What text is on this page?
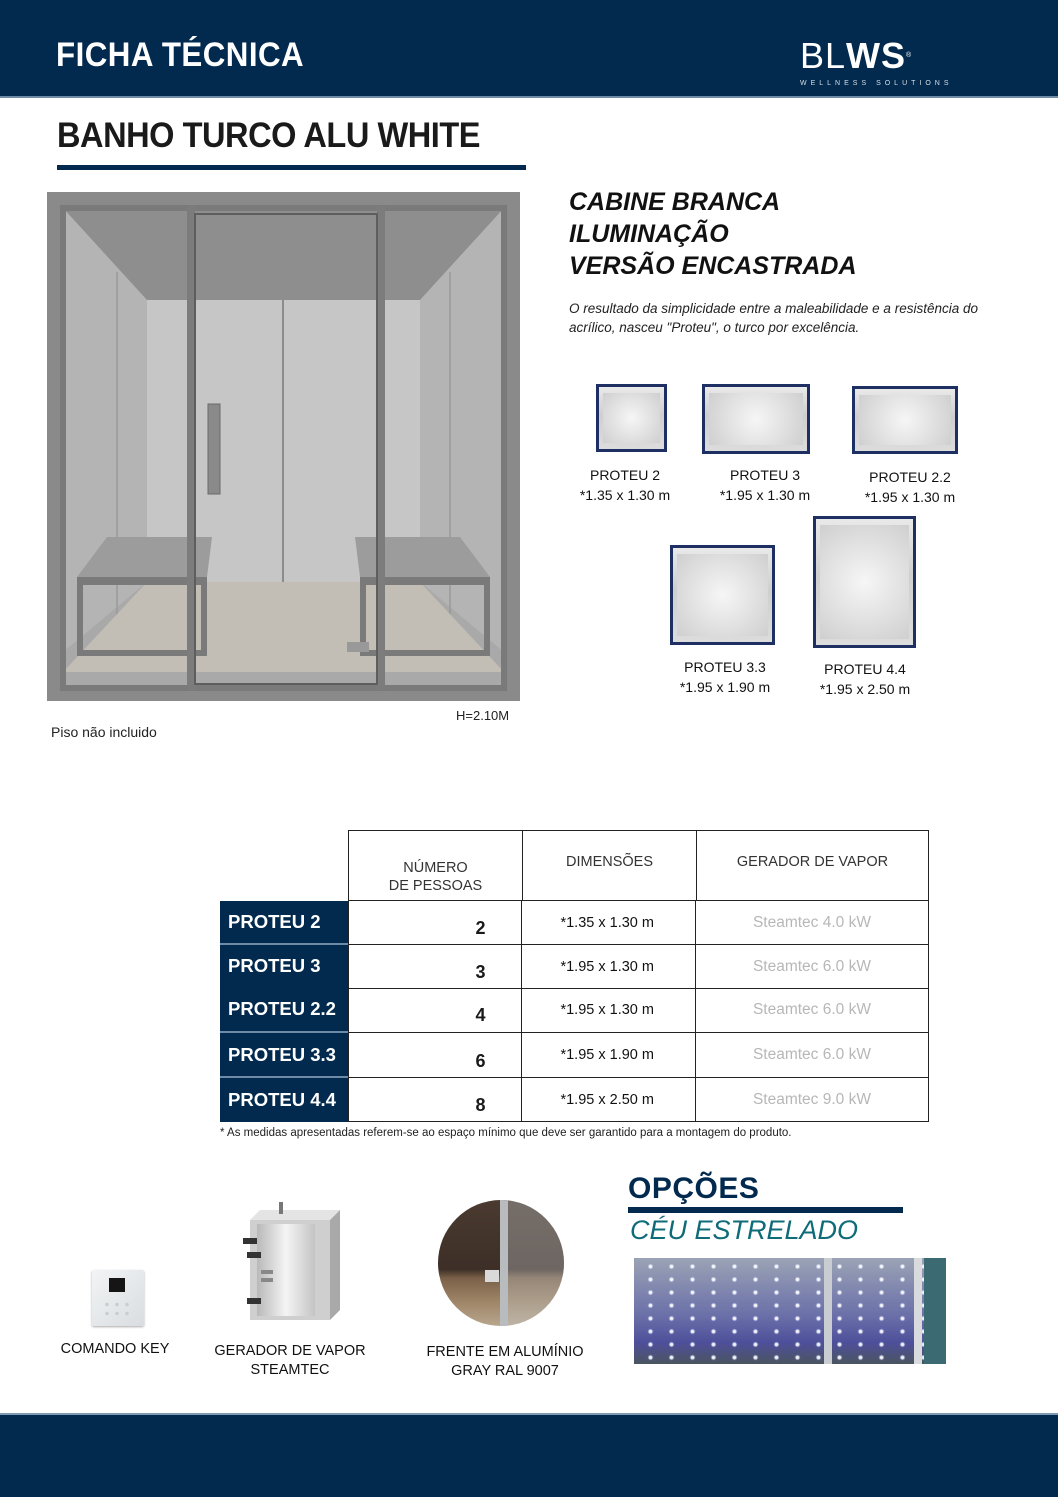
FICHA TÉCNICA	BLWS®
WELLNESS SOLUTIONS
BANHO TURCO ALU WHITE
H=2.10M
Piso não incluido
CABINE BRANCA
ILUMINAÇÃO
VERSÃO ENCASTRADA
O resultado da simplicidade entre a maleabilidade e a resistência do acrílico, nasceu "Proteu", o turco por excelência.
PROTEU 2
*1.35 x 1.30 m
PROTEU 3
*1.95 x 1.30 m
PROTEU 2.2
*1.95 x 1.30 m
PROTEU 3.3
*1.95 x 1.90 m
PROTEU 4.4
*1.95 x 2.50 m
NÚMERO
DE PESSOAS
DIMENSÕES	GERADOR DE VAPOR
PROTEU 2	2	*1.35 x 1.30 m	Steamtec 4.0 kW
PROTEU 3	3	*1.95 x 1.30 m	Steamtec 6.0 kW
PROTEU 2.2	4	*1.95 x 1.30 m	Steamtec 6.0 kW
PROTEU 3.3	6	*1.95 x 1.90 m	Steamtec 6.0 kW
PROTEU 4.4	8	*1.95 x 2.50 m	Steamtec 9.0 kW
* As medidas apresentadas referem-se ao espaço mínimo que deve ser garantido para a montagem do produto.
COMANDO KEY	GERADOR DE VAPOR
STEAMTEC
FRENTE EM ALUMÍNIO
GRAY RAL 9007
OPÇÕES
CÉU ESTRELADO
